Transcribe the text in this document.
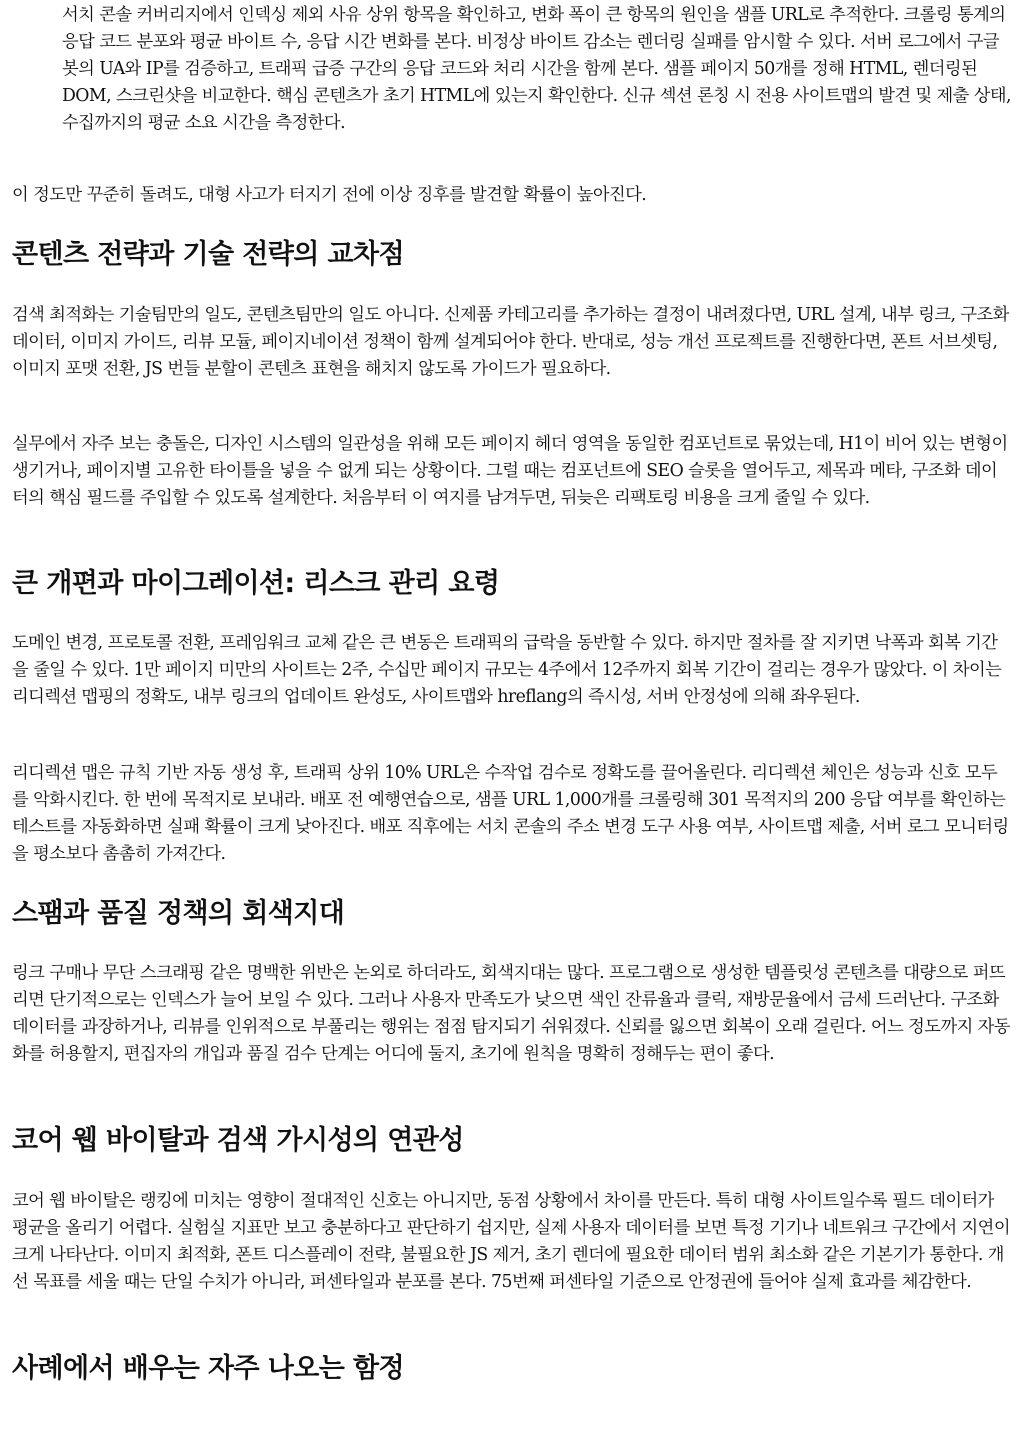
서치 콘솔 커버리지에서 인덱싱 제외 사유 상위 항목을 확인하고, 변화 폭이 큰 항목의 원인을 샘플 URL로 추적한다. 크롤링 통계의 응답 코드 분포와 평균 바이트 수, 응답 시간 변화를 본다. 비정상 바이트 감소는 렌더링 실패를 암시할 수 있다. 서버 로그에서 구글봇의 UA와 IP를 검증하고, 트래픽 급증 구간의 응답 코드와 처리 시간을 함께 본다. 샘플 페이지 50개를 정해 HTML, 렌더링된 DOM, 스크린샷을 비교한다. 핵심 콘텐츠가 초기 HTML에 있는지 확인한다. 신규 섹션 론칭 시 전용 사이트맵의 발견 및 제출 상태, 수집까지의 평균 소요 시간을 측정한다.

이 정도만 꾸준히 돌려도, 대형 사고가 터지기 전에 이상 징후를 발견할 확률이 높아진다.

콘텐츠 전략과 기술 전략의 교차점

검색 최적화는 기술팀만의 일도, 콘텐츠팀만의 일도 아니다. 신제품 카테고리를 추가하는 결정이 내려졌다면, URL 설계, 내부 링크, 구조화 데이터, 이미지 가이드, 리뷰 모듈, 페이지네이션 정책이 함께 설계되어야 한다. 반대로, 성능 개선 프로젝트를 진행한다면, 폰트 서브셋팅, 이미지 포맷 전환, JS 번들 분할이 콘텐츠 표현을 해치지 않도록 가이드가 필요하다.

실무에서 자주 보는 충돌은, 디자인 시스템의 일관성을 위해 모든 페이지 헤더 영역을 동일한 컴포넌트로 묶었는데, H1이 비어 있는 변형이 생기거나, 페이지별 고유한 타이틀을 넣을 수 없게 되는 상황이다. 그럴 때는 컴포넌트에 SEO 슬롯을 열어두고, 제목과 메타, 구조화 데이터의 핵심 필드를 주입할 수 있도록 설계한다. 처음부터 이 여지를 남겨두면, 뒤늦은 리팩토링 비용을 크게 줄일 수 있다.

큰 개편과 마이그레이션: 리스크 관리 요령

도메인 변경, 프로토콜 전환, 프레임워크 교체 같은 큰 변동은 트래픽의 급락을 동반할 수 있다. 하지만 절차를 잘 지키면 낙폭과 회복 기간을 줄일 수 있다. 1만 페이지 미만의 사이트는 2주, 수십만 페이지 규모는 4주에서 12주까지 회복 기간이 걸리는 경우가 많았다. 이 차이는 리디렉션 맵핑의 정확도, 내부 링크의 업데이트 완성도, 사이트맵와 hreflang의 즉시성, 서버 안정성에 의해 좌우된다.

리디렉션 맵은 규칙 기반 자동 생성 후, 트래픽 상위 10% URL은 수작업 검수로 정확도를 끌어올린다. 리디렉션 체인은 성능과 신호 모두를 악화시킨다. 한 번에 목적지로 보내라. 배포 전 예행연습으로, 샘플 URL 1,000개를 크롤링해 301 목적지의 200 응답 여부를 확인하는 테스트를 자동화하면 실패 확률이 크게 낮아진다. 배포 직후에는 서치 콘솔의 주소 변경 도구 사용 여부, 사이트맵 제출, 서버 로그 모니터링을 평소보다 촘촘히 가져간다.

스팸과 품질 정책의 회색지대

링크 구매나 무단 스크래핑 같은 명백한 위반은 논외로 하더라도, 회색지대는 많다. 프로그램으로 생성한 템플릿성 콘텐츠를 대량으로 퍼뜨리면 단기적으로는 인덱스가 늘어 보일 수 있다. 그러나 사용자 만족도가 낮으면 색인 잔류율과 클릭, 재방문율에서 금세 드러난다. 구조화 데이터를 과장하거나, 리뷰를 인위적으로 부풀리는 행위는 점점 탐지되기 쉬워졌다. 신뢰를 잃으면 회복이 오래 걸린다. 어느 정도까지 자동화를 허용할지, 편집자의 개입과 품질 검수 단계는 어디에 둘지, 초기에 원칙을 명확히 정해두는 편이 좋다.

코어 웹 바이탈과 검색 가시성의 연관성

코어 웹 바이탈은 랭킹에 미치는 영향이 절대적인 신호는 아니지만, 동점 상황에서 차이를 만든다. 특히 대형 사이트일수록 필드 데이터가 평균을 올리기 어렵다. 실험실 지표만 보고 충분하다고 판단하기 쉽지만, 실제 사용자 데이터를 보면 특정 기기나 네트워크 구간에서 지연이 크게 나타난다. 이미지 최적화, 폰트 디스플레이 전략, 불필요한 JS 제거, 초기 렌더에 필요한 데이터 범위 최소화 같은 기본기가 통한다. 개선 목표를 세울 때는 단일 수치가 아니라, 퍼센타일과 분포를 본다. 75번째 퍼센타일 기준으로 안정권에 들어야 실제 효과를 체감한다.

사례에서 배우는 자주 나오는 함정
